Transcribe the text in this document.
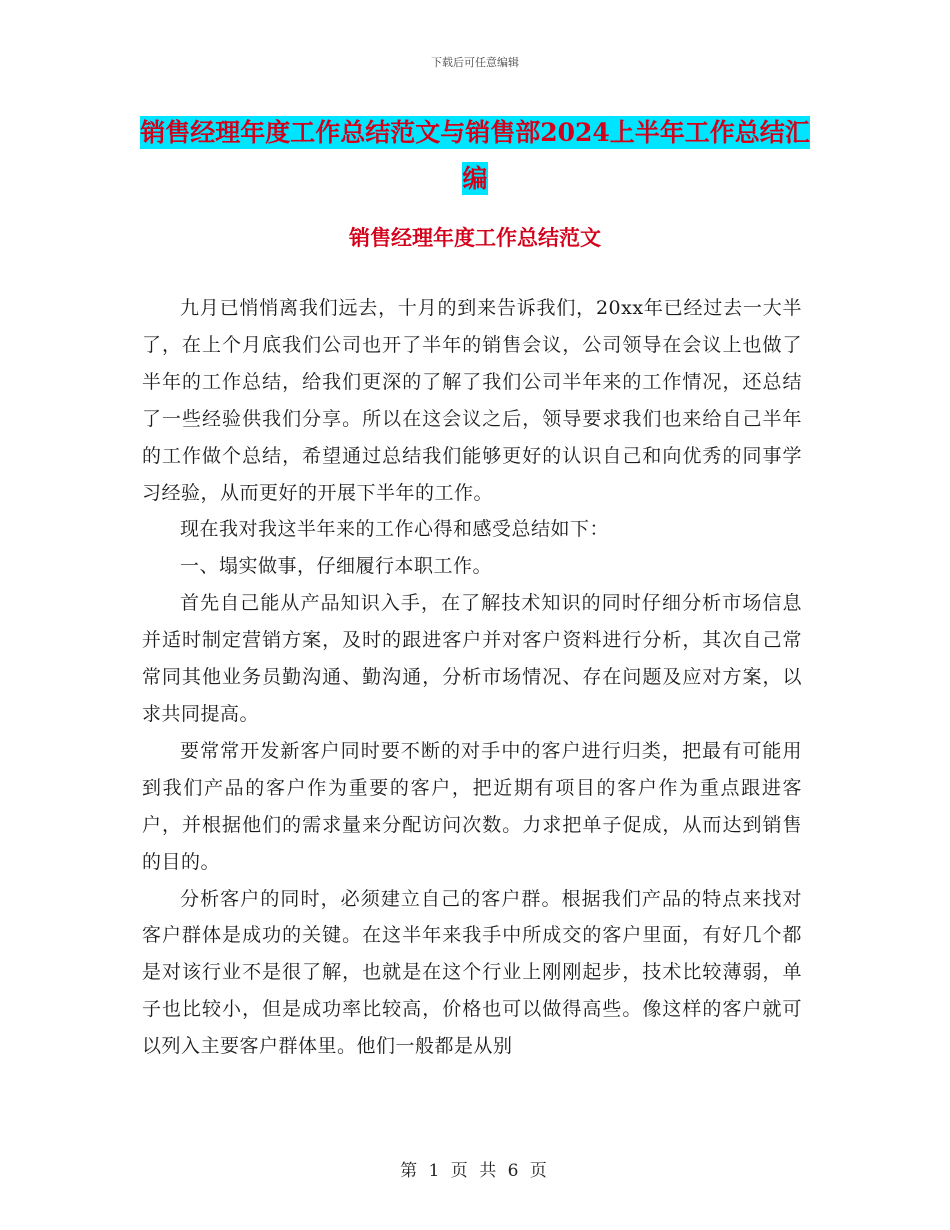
下载后可任意编辑
销售经理年度工作总结范文与销售部2024上半年工作总结汇编
销售经理年度工作总结范文

九月已悄悄离我们远去，十月的到来告诉我们，20xx年已经过去一大半了，在上个月底我们公司也开了半年的销售会议，公司领导在会议上也做了半年的工作总结，给我们更深的了解了我们公司半年来的工作情况，还总结了一些经验供我们分享。所以在这会议之后，领导要求我们也来给自己半年的工作做个总结，希望通过总结我们能够更好的认识自己和向优秀的同事学习经验，从而更好的开展下半年的工作。

现在我对我这半年来的工作心得和感受总结如下：

一、塌实做事，仔细履行本职工作。

首先自己能从产品知识入手，在了解技术知识的同时仔细分析市场信息并适时制定营销方案，及时的跟进客户并对客户资料进行分析，其次自己常常同其他业务员勤沟通、勤沟通，分析市场情况、存在问题及应对方案，以求共同提高。

要常常开发新客户同时要不断的对手中的客户进行归类，把最有可能用到我们产品的客户作为重要的客户，把近期有项目的客户作为重点跟进客户，并根据他们的需求量来分配访问次数。力求把单子促成，从而达到销售的目的。

分析客户的同时，必须建立自己的客户群。根据我们产品的特点来找对客户群体是成功的关键。在这半年来我手中所成交的客户里面，有好几个都是对该行业不是很了解，也就是在这个行业上刚刚起步，技术比较薄弱，单子也比较小，但是成功率比较高，价格也可以做得高些。像这样的客户就可以列入主要客户群体里。他们一般都是从别

第 1 页 共 6 页
